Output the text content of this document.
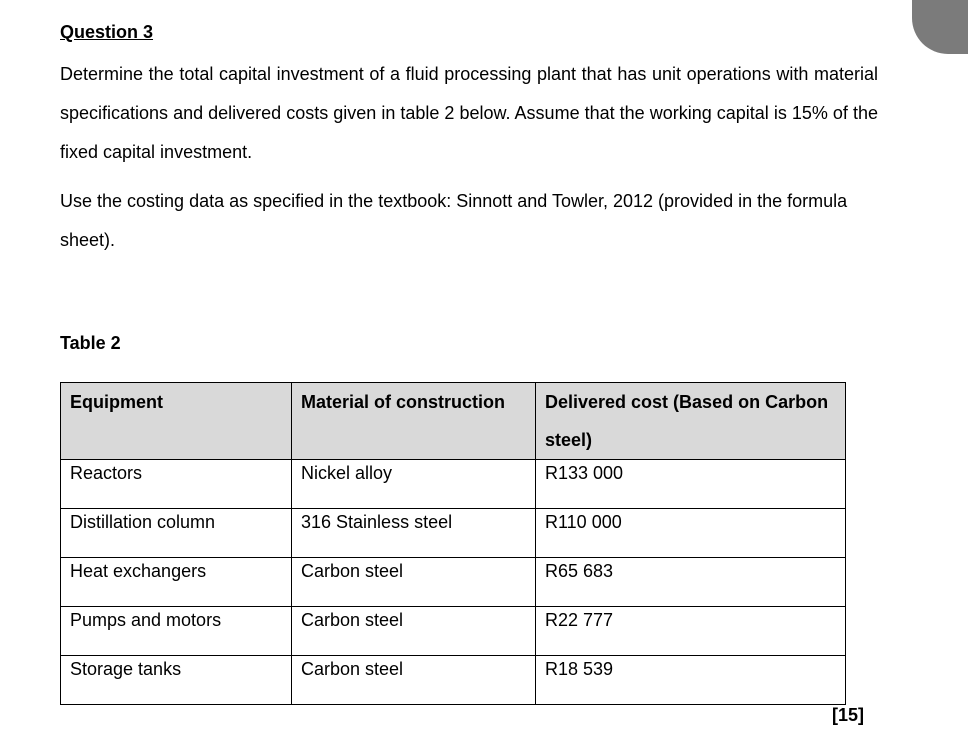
Question 3

Determine the total capital investment of a fluid processing plant that has unit operations with material specifications and delivered costs given in table 2 below. Assume that the working capital is 15% of the fixed capital investment.

Use the costing data as specified in the textbook: Sinnott and Towler, 2012 (provided in the formula sheet).

Table 2

Equipment	Material of construction	Delivered cost (Based on Carbon steel)
Reactors	Nickel alloy	R133 000
Distillation column	316 Stainless steel	R110 000
Heat exchangers	Carbon steel	R65 683
Pumps and motors	Carbon steel	R22 777
Storage tanks	Carbon steel	R18 539

[15]
